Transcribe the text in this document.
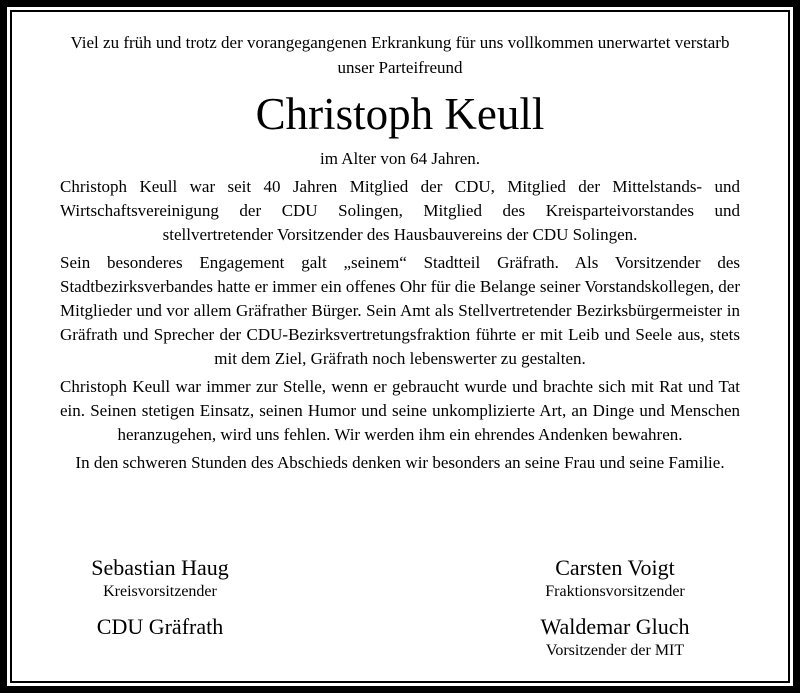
Viel zu früh und trotz der vorangegangenen Erkrankung für uns vollkommen unerwartet verstarb unser Parteifreund
Christoph Keull
im Alter von 64 Jahren.
Christoph Keull war seit 40 Jahren Mitglied der CDU, Mitglied der Mittelstands- und Wirtschaftsvereinigung der CDU Solingen, Mitglied des Kreisparteivorstandes und stellvertretender Vorsitzender des Hausbauvereins der CDU Solingen.
Sein besonderes Engagement galt „seinem“ Stadtteil Gräfrath. Als Vorsitzender des Stadtbezirksverbandes hatte er immer ein offenes Ohr für die Belange seiner Vorstandskollegen, der Mitglieder und vor allem Gräfrather Bürger. Sein Amt als Stellvertretender Bezirksbürgermeister in Gräfrath und Sprecher der CDU-Bezirksvertretungsfraktion führte er mit Leib und Seele aus, stets mit dem Ziel, Gräfrath noch lebenswerter zu gestalten.
Christoph Keull war immer zur Stelle, wenn er gebraucht wurde und brachte sich mit Rat und Tat ein. Seinen stetigen Einsatz, seinen Humor und seine unkomplizierte Art, an Dinge und Menschen heranzugehen, wird uns fehlen. Wir werden ihm ein ehrendes Andenken bewahren.
In den schweren Stunden des Abschieds denken wir besonders an seine Frau und seine Familie.
Sebastian Haug
Kreisvorsitzender
Carsten Voigt
Fraktionsvorsitzender
CDU Gräfrath	Waldemar Gluch
Vorsitzender der MIT
